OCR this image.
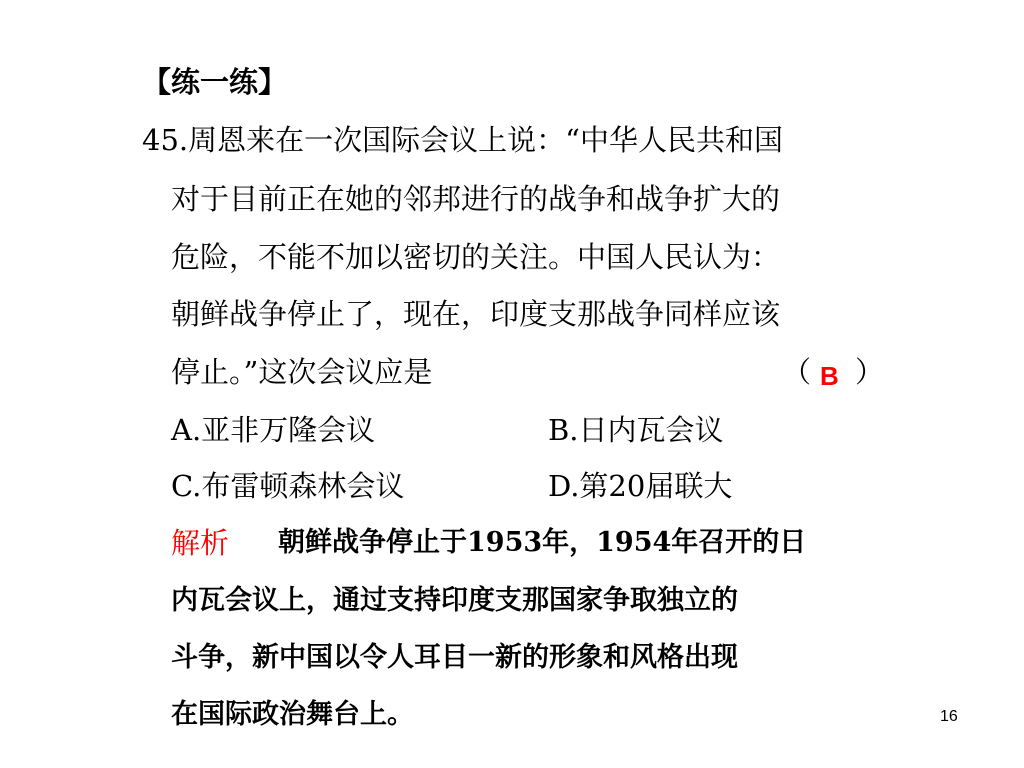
【练一练】
45.周恩来在一次国际会议上说：“中华人民共和国
对于目前正在她的邻邦进行的战争和战争扩大的
危险，不能不加以密切的关注。中国人民认为：
朝鲜战争停止了，现在，印度支那战争同样应该
停止。”这次会议应是	（ B ）
A.亚非万隆会议	B.日内瓦会议
C.布雷顿森林会议	D.第20届联大
解析 朝鲜战争停止于1953年，1954年召开的日
内瓦会议上，通过支持印度支那国家争取独立的
斗争，新中国以令人耳目一新的形象和风格出现
在国际政治舞台上。	16
